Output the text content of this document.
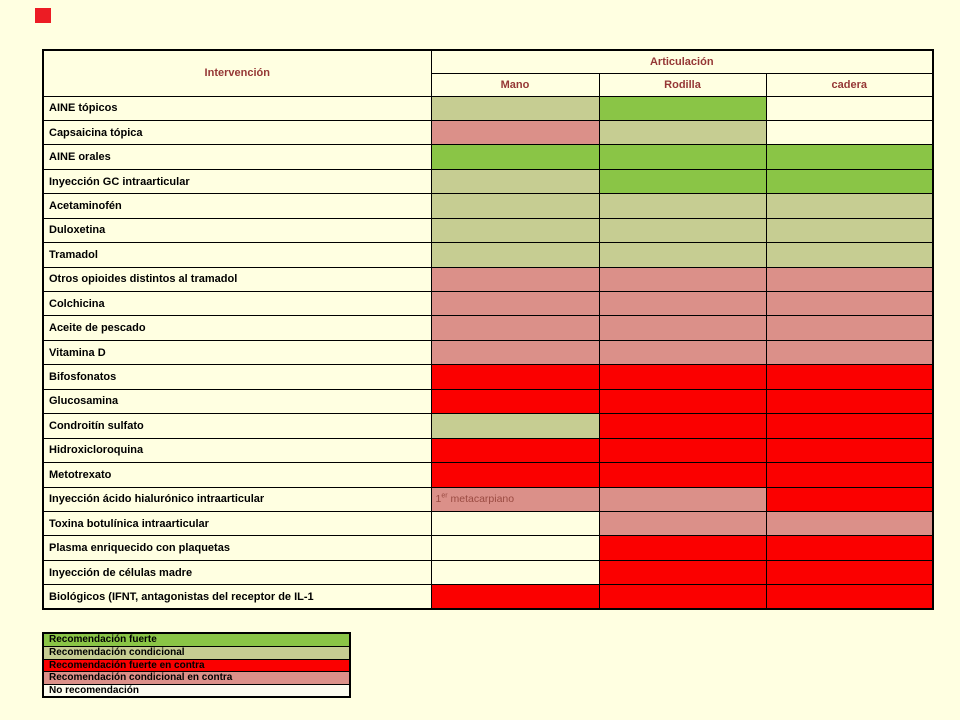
Intervención	Articulación		
	Mano	Rodilla	cadera
AINE tópicos			
Capsaicina tópica			
AINE orales			
Inyección GC intraarticular			
Acetaminofén			
Duloxetina			
Tramadol			
Otros opioides distintos al tramadol			
Colchicina			
Aceite de pescado			
Vitamina D			
Bifosfonatos			
Glucosamina			
Condroitín sulfato			
Hidroxicloroquina			
Metotrexato			
Inyección ácido hialurónico intraarticular	1er metacarpiano		
Toxina botulínica intraarticular			
Plasma enriquecido con plaquetas			
Inyección de células madre			
Biológicos (IFNT, antagonistas del receptor de IL-1			
Recomendación fuerte
Recomendación condicional
Recomendación fuerte en contra
Recomendación condicional en contra
No recomendación
